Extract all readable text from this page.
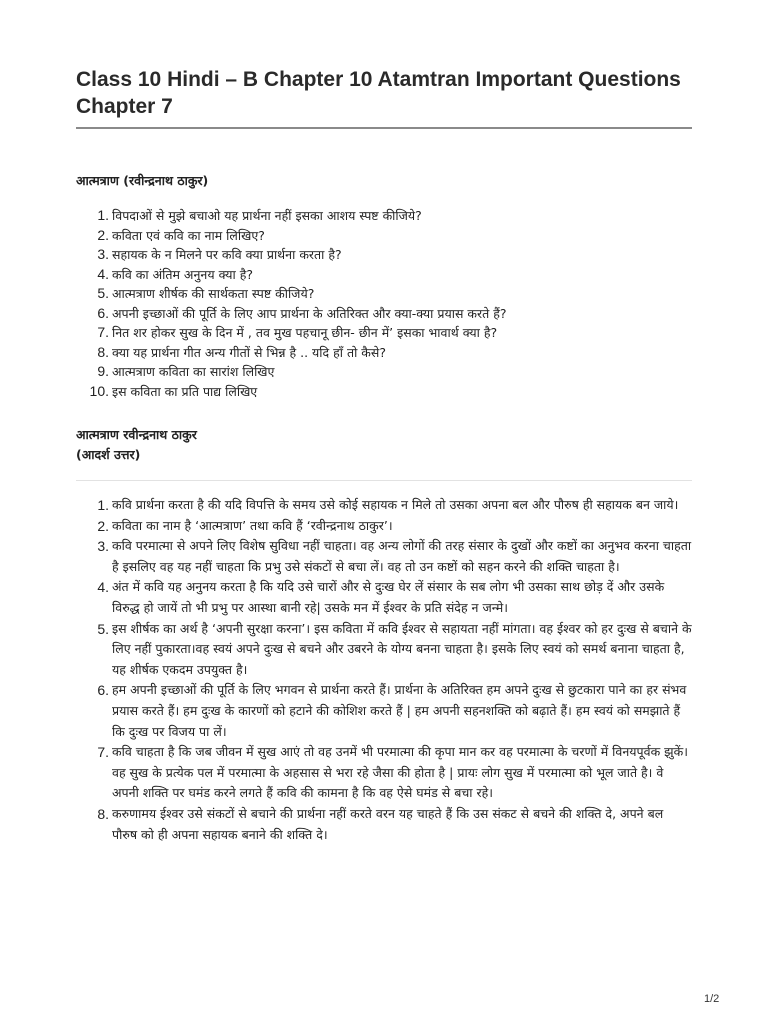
Class 10 Hindi – B Chapter 10 Atamtran Important Questions Chapter 7
आत्मत्राण (रवीन्द्रनाथ ठाकुर)
1. विपदाओं से मुझे बचाओ यह प्रार्थना नहीं इसका आशय स्पष्ट कीजिये?
2. कविता एवं कवि का नाम लिखिए?
3. सहायक के न मिलने पर कवि क्या प्रार्थना करता है?
4. कवि का अंतिम अनुनय क्या है?
5. आत्मत्राण शीर्षक की सार्थकता स्पष्ट कीजिये?
6. अपनी इच्छाओं की पूर्ति के लिए आप प्रार्थना के अतिरिक्त और क्या-क्या प्रयास करते हैं?
7. नित शर होकर सुख के दिन में , तव मुख पहचानू छीन- छीन में’ इसका भावार्थ क्या है?
8. क्या यह प्रार्थना गीत अन्य गीतों से भिन्न है .. यदि हाँ तो कैसे?
9. आत्मत्राण कविता का सारांश लिखिए
10. इस कविता का प्रति पाद्य लिखिए
आत्मत्राण रवीन्द्रनाथ ठाकुर
(आदर्श उत्तर)
1. कवि प्रार्थना करता है की यदि विपत्ति के समय उसे कोई सहायक न मिले तो उसका अपना बल और पौरुष ही सहायक बन जाये।
2. कविता का नाम है ‘आत्मत्राण’ तथा कवि हैं ‘रवीन्द्रनाथ ठाकुर’।
3. कवि परमात्मा से अपने लिए विशेष सुविधा नहीं चाहता। वह अन्य लोगों की तरह संसार के दुखों और कष्टों का अनुभव करना चाहता है इसलिए वह यह नहीं चाहता कि प्रभु उसे संकटों से बचा लें। वह तो उन कष्टों को सहन करने की शक्ति चाहता है।
4. अंत में कवि यह अनुनय करता है कि यदि उसे चारों और से दुःख घेर लें संसार के सब लोग भी उसका साथ छोड़ दें और उसके विरुद्ध हो जायें तो भी प्रभु पर आस्था बानी रहे| उसके मन में ईश्वर के प्रति संदेह न जन्मे।
5. इस शीर्षक का अर्थ है ‘अपनी सुरक्षा करना’। इस कविता में कवि ईश्वर से सहायता नहीं मांगता। वह ईश्वर को हर दुःख से बचाने के लिए नहीं पुकारता।वह स्वयं अपने दुःख से बचने और उबरने के योग्य बनना चाहता है। इसके लिए स्वयं को समर्थ बनाना चाहता है, यह शीर्षक एकदम उपयुक्त है।
6. हम अपनी इच्छाओं की पूर्ति के लिए भगवन से प्रार्थना करते हैं। प्रार्थना के अतिरिक्त हम अपने दुःख से छुटकारा पाने का हर संभव प्रयास करते हैं। हम दुःख के कारणों को हटाने की कोशिश करते हैं | हम अपनी सहनशक्ति को बढ़ाते हैं। हम स्वयं को समझाते हैं कि दुःख पर विजय पा लें।
7. कवि चाहता है कि जब जीवन में सुख आएं तो वह उनमें भी परमात्मा की कृपा मान कर वह परमात्मा के चरणों में विनयपूर्वक झुकें। वह सुख के प्रत्येक पल में परमात्मा के अहसास से भरा रहे जैसा की होता है | प्रायः लोग सुख में परमात्मा को भूल जाते है। वे अपनी शक्ति पर घमंड करने लगते हैं कवि की कामना है कि वह ऐसे घमंड से बचा रहे।
8. करुणामय ईश्वर उसे संकटों से बचाने की प्रार्थना नहीं करते वरन यह चाहते हैं कि उस संकट से बचने की शक्ति दे, अपने बल पौरुष को ही अपना सहायक बनाने की शक्ति दे।
1/2
